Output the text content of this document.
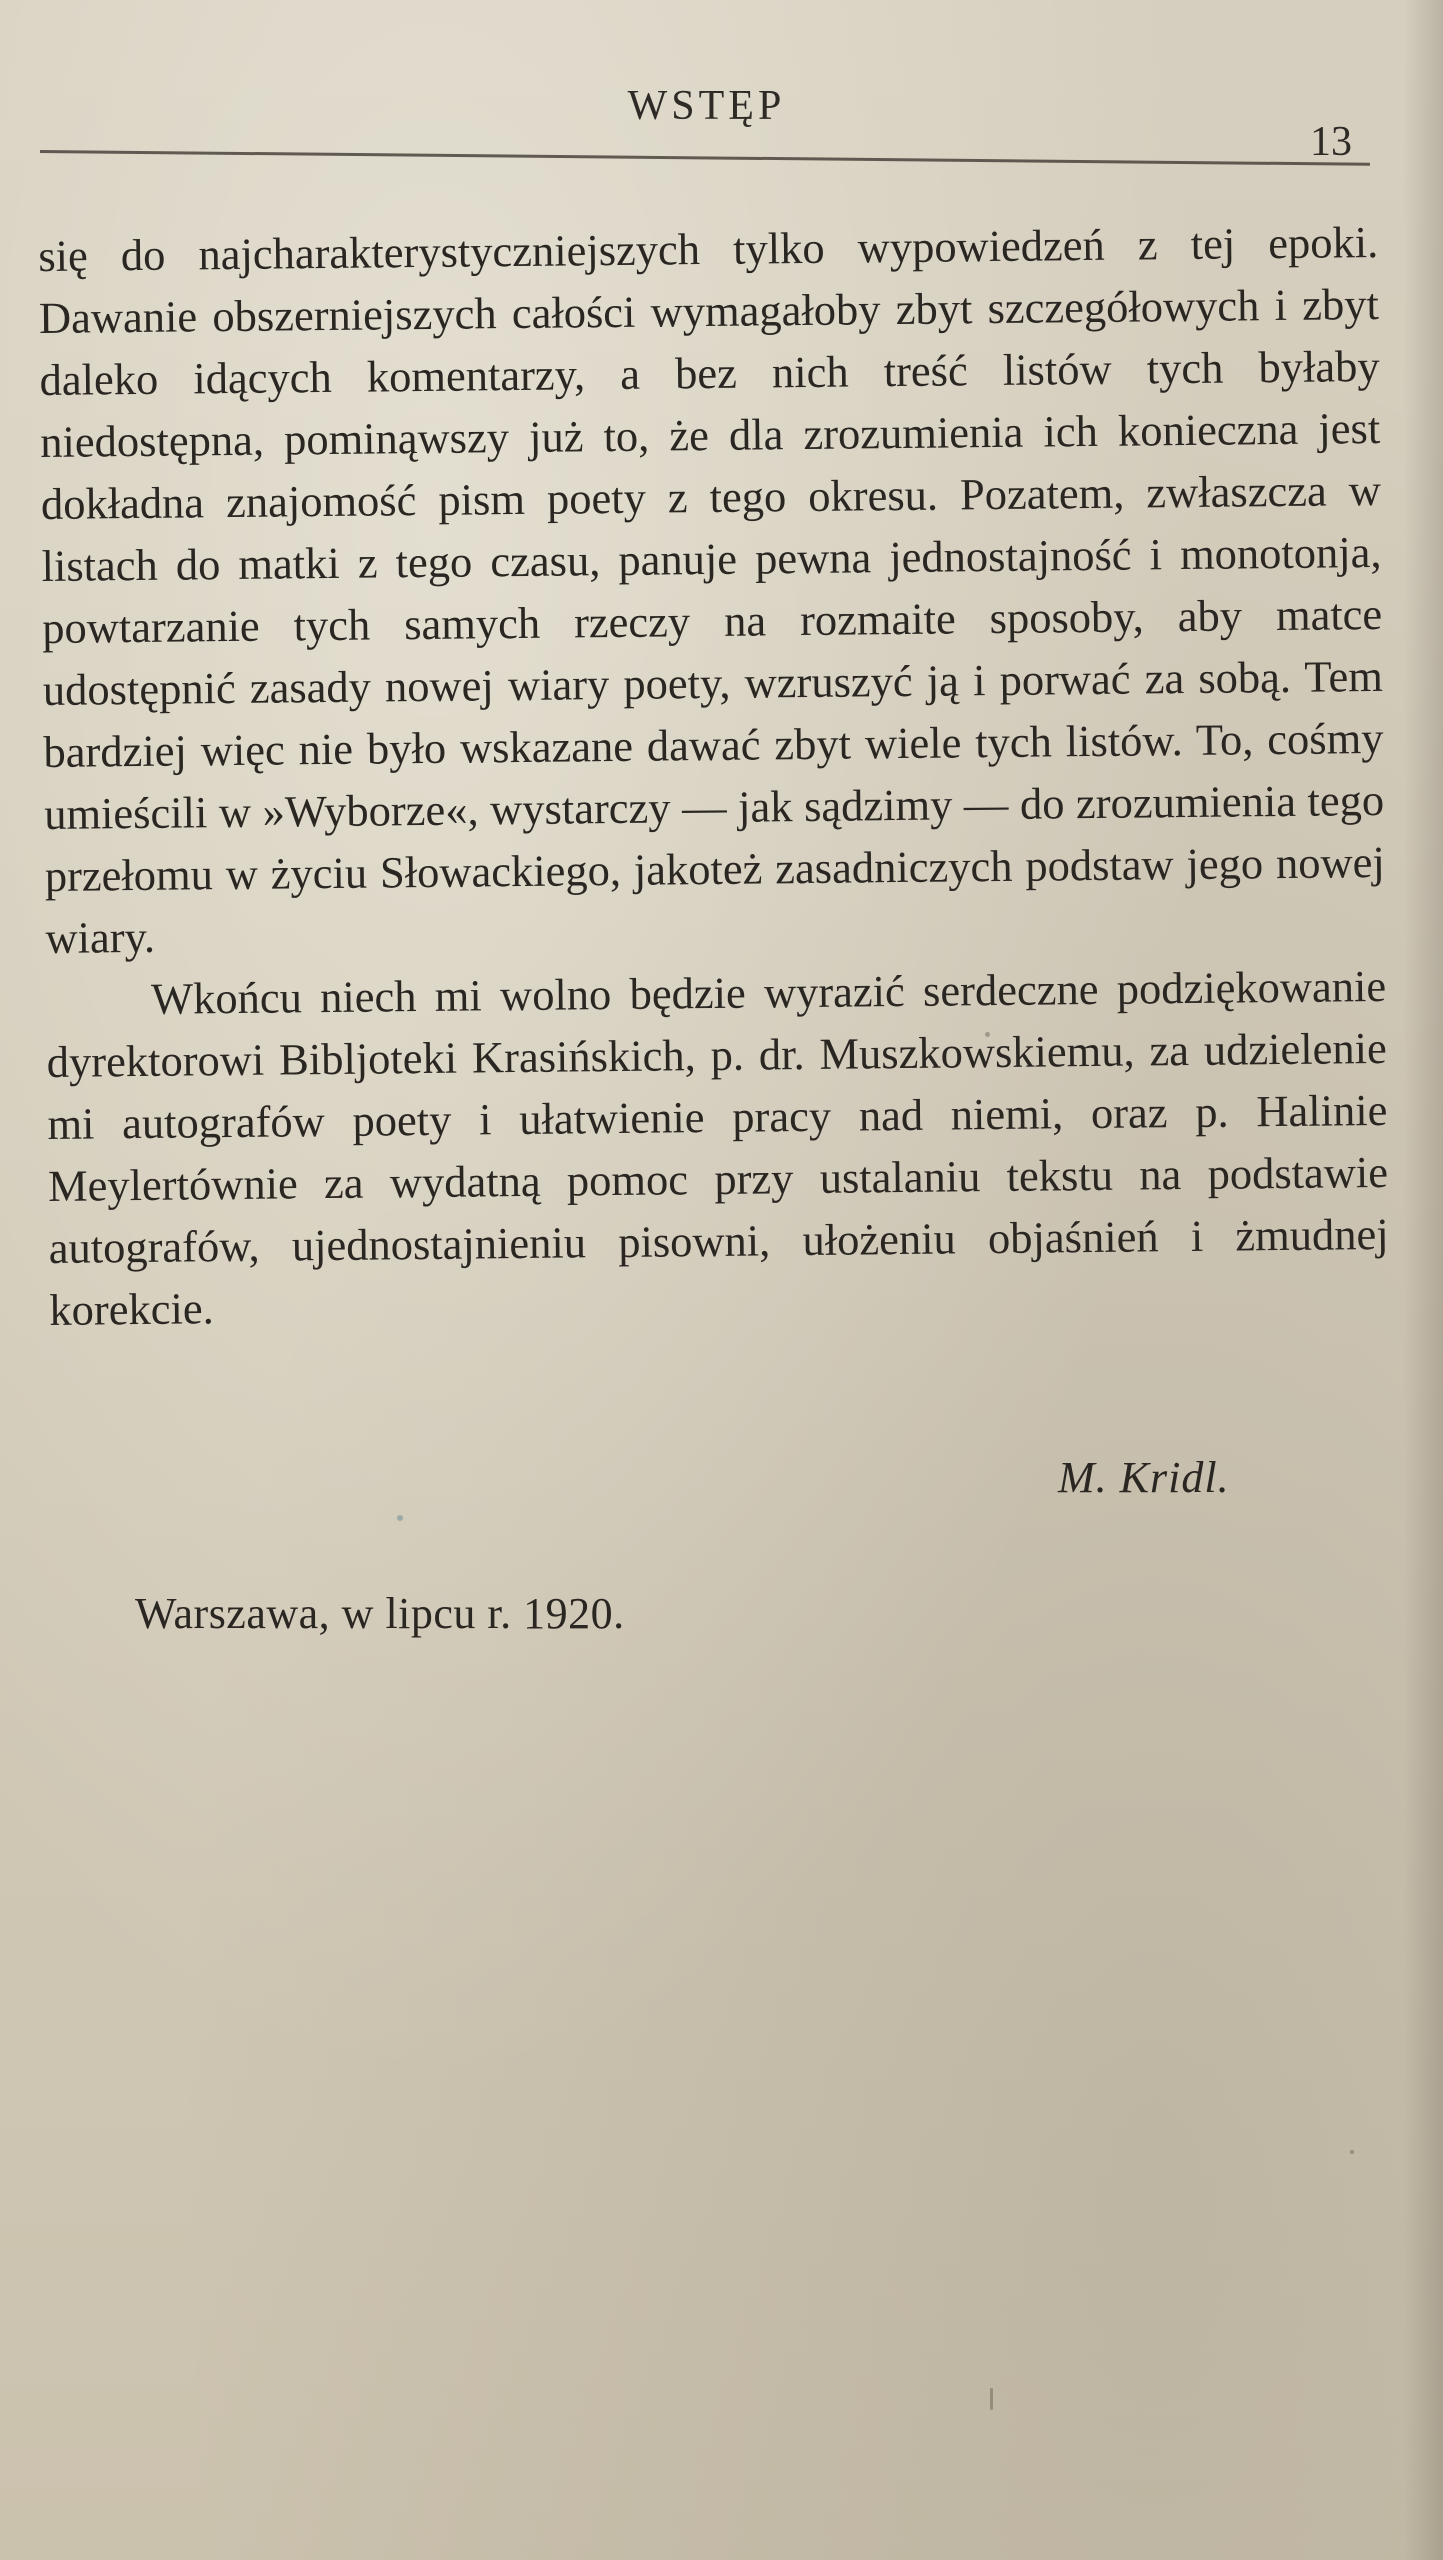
WSTĘP
13

się do najcharakterystyczniejszych tylko wypowiedzeń z tej epoki. Dawanie obszerniejszych całości wymagałoby zbyt szczegółowych i zbyt daleko idących komentarzy, a bez nich treść listów tych byłaby niedostępna, pominąwszy już to, że dla zrozumienia ich konieczna jest dokładna znajomość pism poety z tego okresu. Pozatem, zwłaszcza w listach do matki z tego czasu, panuje pewna jednostajność i monotonja, powtarzanie tych samych rzeczy na rozmaite sposoby, aby matce udostępnić zasady nowej wiary poety, wzruszyć ją i porwać za sobą. Tem bardziej więc nie było wskazane dawać zbyt wiele tych listów. To, cośmy umieścili w »Wyborze«, wystarczy — jak sądzimy — do zrozumienia tego przełomu w życiu Słowackiego, jakoteż zasadniczych podstaw jego nowej wiary.

Wkońcu niech mi wolno będzie wyrazić serdeczne podziękowanie dyrektorowi Bibljoteki Krasińskich, p. dr. Muszkowskiemu, za udzielenie mi autografów poety i ułatwienie pracy nad niemi, oraz p. Halinie Meylertównie za wydatną pomoc przy ustalaniu tekstu na podstawie autografów, ujednostajnieniu pisowni, ułożeniu objaśnień i żmudnej korekcie.

M. Kridl.
Warszawa, w lipcu r. 1920.
